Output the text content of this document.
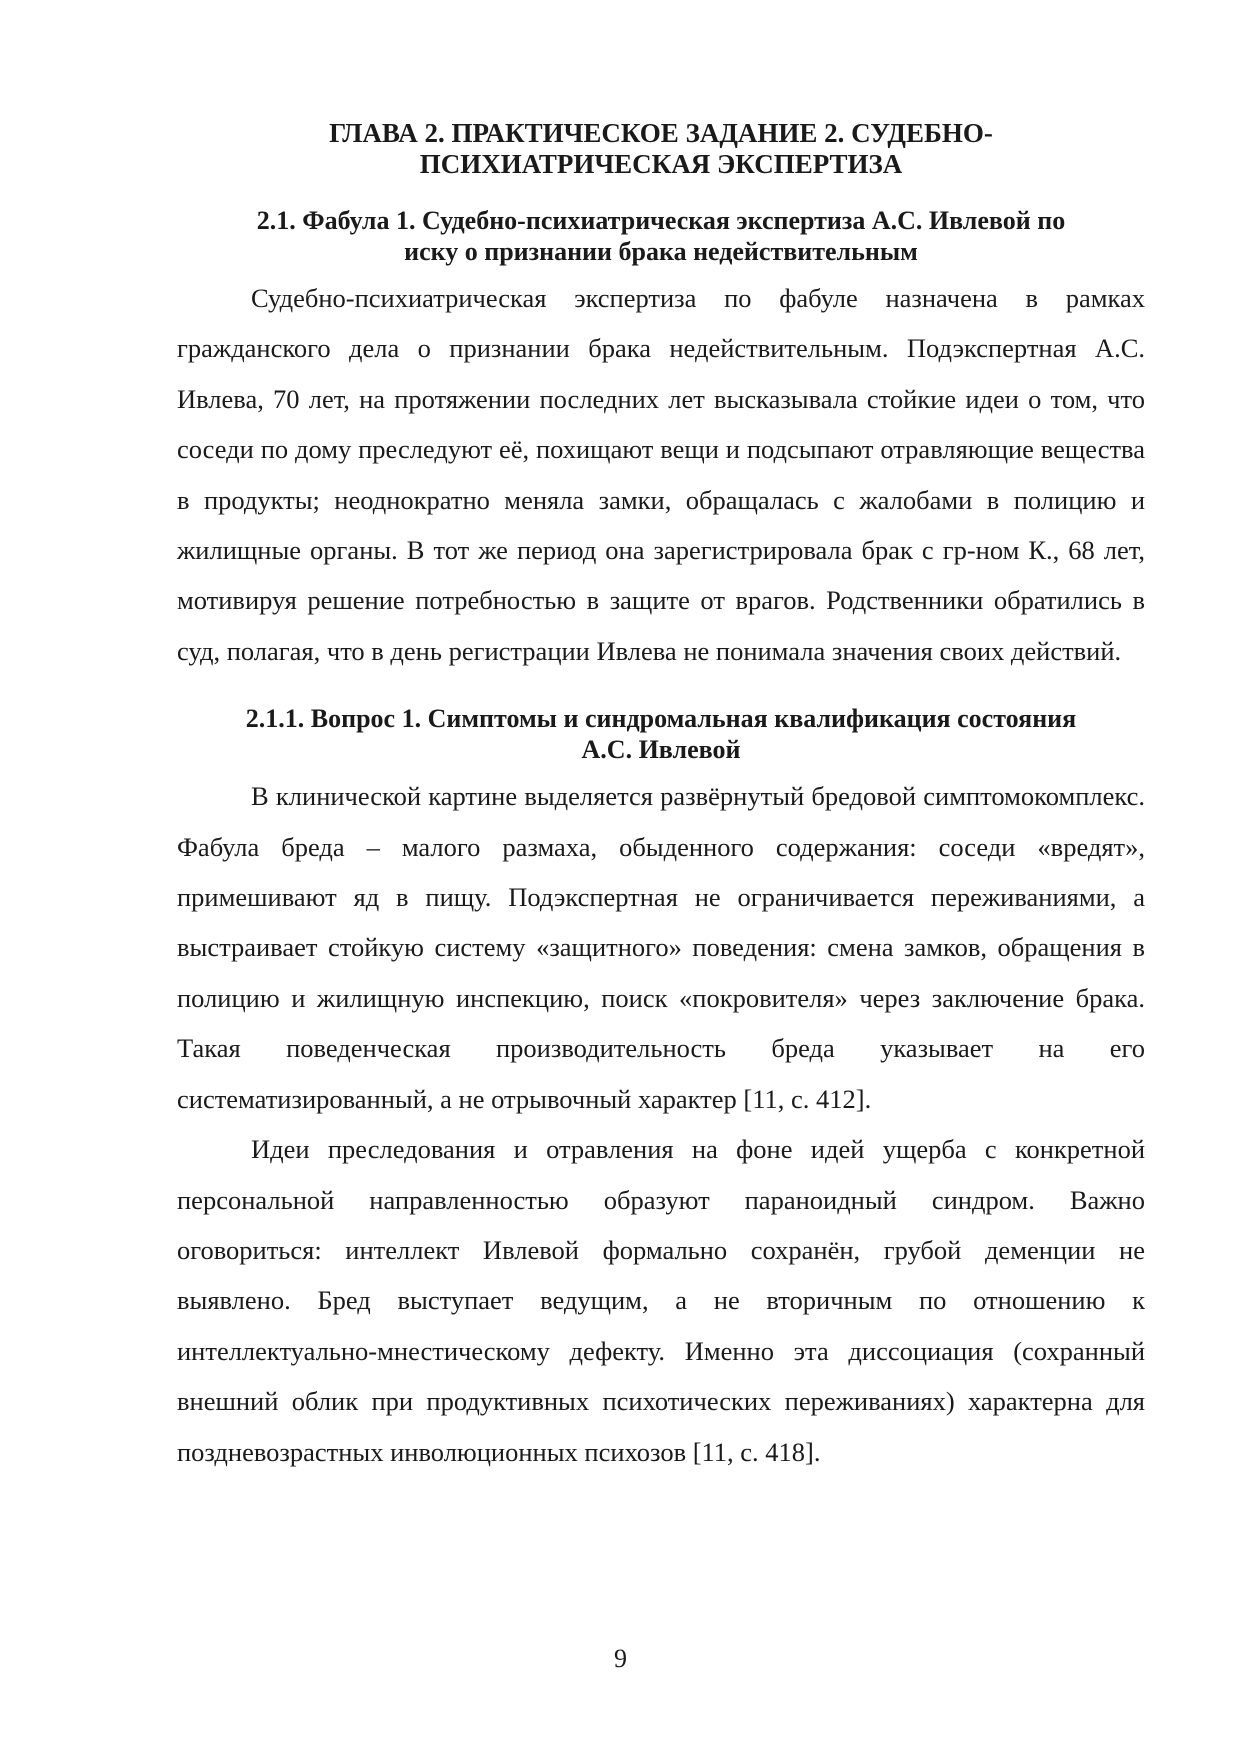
ГЛАВА 2. ПРАКТИЧЕСКОЕ ЗАДАНИЕ 2. СУДЕБНО-
ПСИХИАТРИЧЕСКАЯ ЭКСПЕРТИЗА
2.1. Фабула 1. Судебно-психиатрическая экспертиза А.С. Ивлевой по
иску о признании брака недействительным

Судебно-психиатрическая экспертиза по фабуле назначена в рамках гражданского дела о признании брака недействительным. Подэкспертная А.С. Ивлева, 70 лет, на протяжении последних лет высказывала стойкие идеи о том, что соседи по дому преследуют её, похищают вещи и подсыпают отравляющие вещества в продукты; неоднократно меняла замки, обращалась с жалобами в полицию и жилищные органы. В тот же период она зарегистрировала брак с гр-ном К., 68 лет, мотивируя решение потребностью в защите от врагов. Родственники обратились в суд, полагая, что в день регистрации Ивлева не понимала значения своих действий.

2.1.1. Вопрос 1. Симптомы и синдромальная квалификация состояния
А.С. Ивлевой

В клинической картине выделяется развёрнутый бредовой симптомокомплекс. Фабула бреда – малого размаха, обыденного содержания: соседи «вредят», примешивают яд в пищу. Подэкспертная не ограничивается переживаниями, а выстраивает стойкую систему «защитного» поведения: смена замков, обращения в полицию и жилищную инспекцию, поиск «покровителя» через заключение брака. Такая поведенческая производительность бреда указывает на его систематизированный, а не отрывочный характер [11, с. 412].

Идеи преследования и отравления на фоне идей ущерба с конкретной персональной направленностью образуют параноидный синдром. Важно оговориться: интеллект Ивлевой формально сохранён, грубой деменции не выявлено. Бред выступает ведущим, а не вторичным по отношению к интеллектуально-мнестическому дефекту. Именно эта диссоциация (сохранный внешний облик при продуктивных психотических переживаниях) характерна для поздневозрастных инволюционных психозов [11, с. 418].

9
